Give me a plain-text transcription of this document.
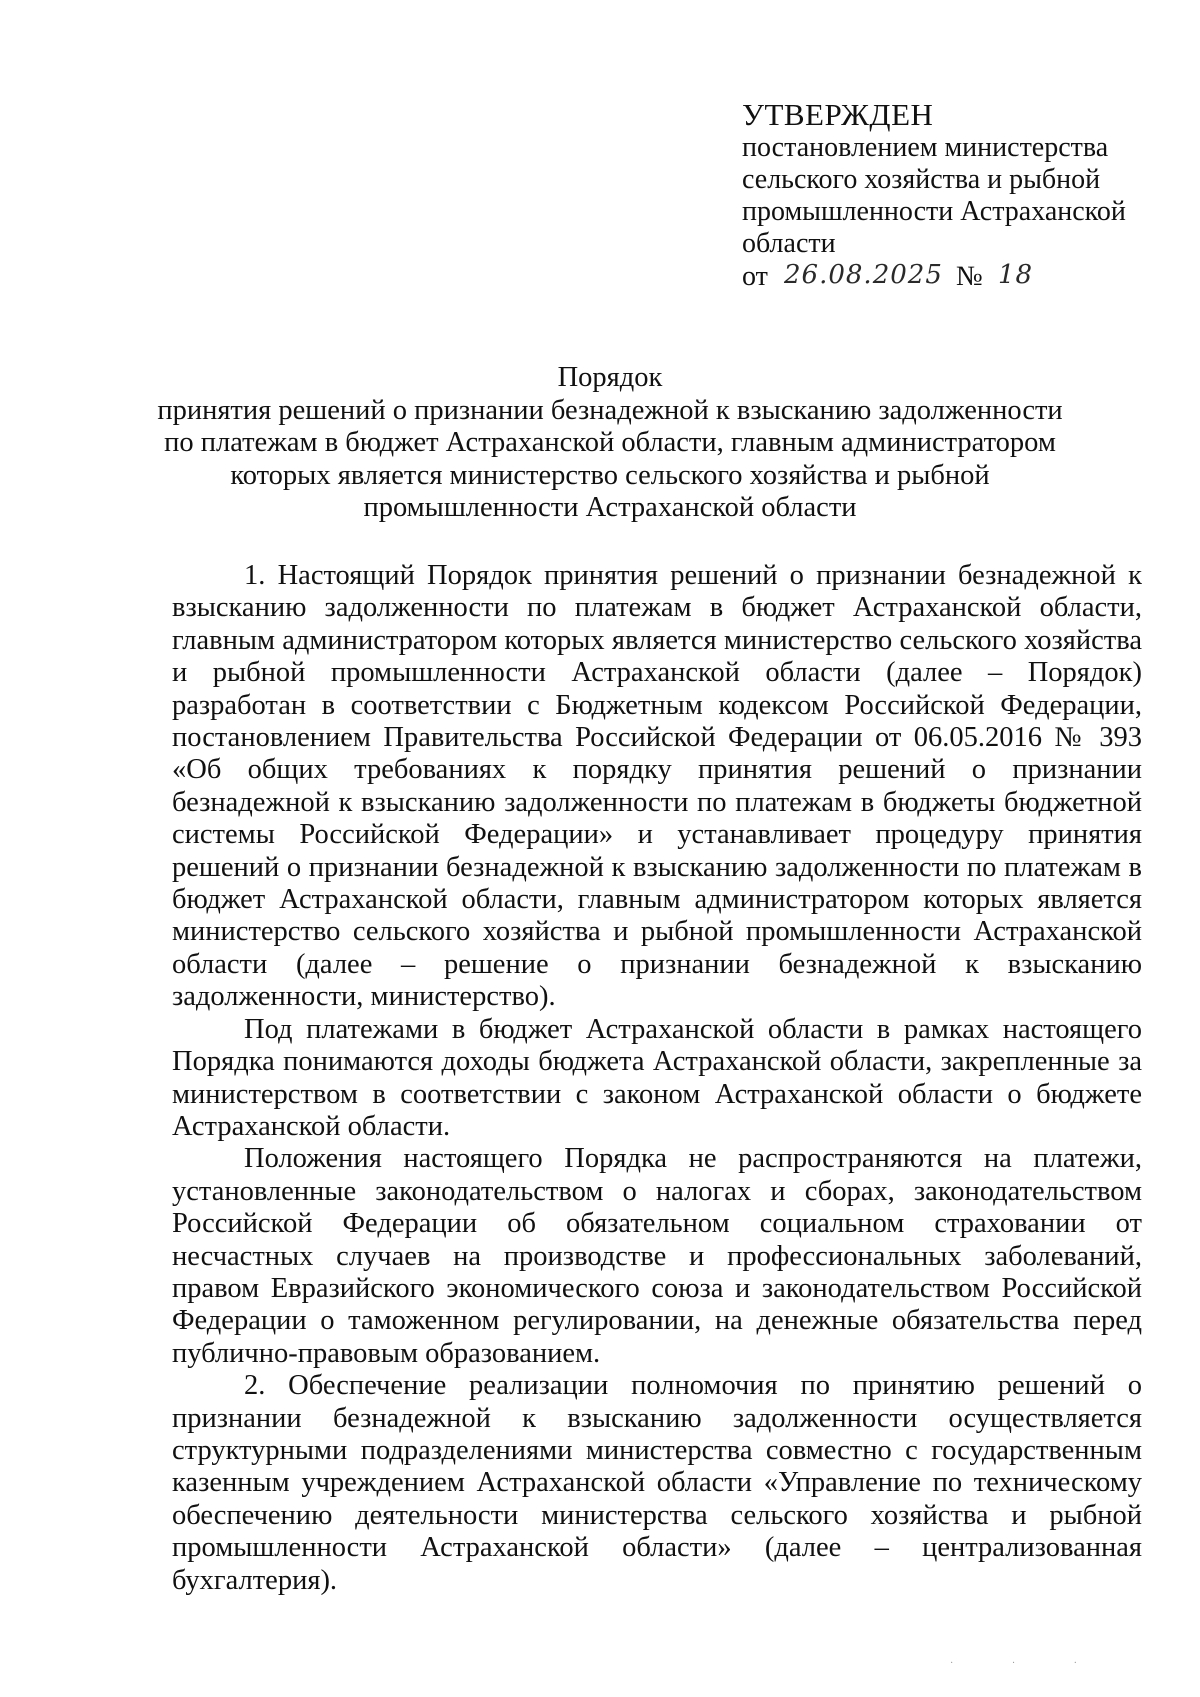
УТВЕРЖДЕН
постановлением министерства
сельского хозяйства и рыбной
промышленности Астраханской
области
от 26.08.2025 № 18
Порядок
принятия решений о признании безнадежной к взысканию задолженности
по платежам в бюджет Астраханской области, главным администратором
которых является министерство сельского хозяйства и рыбной
промышленности Астраханской области

1. Настоящий Порядок принятия решений о признании безнадежной к взысканию задолженности по платежам в бюджет Астраханской области, главным администратором которых является министерство сельского хозяйства и рыбной промышленности Астраханской области (далее – Порядок) разработан в соответствии с Бюджетным кодексом Российской Федерации, постановлением Правительства Российской Федерации от 06.05.2016 № 393 «Об общих требованиях к порядку принятия решений о признании безнадежной к взысканию задолженности по платежам в бюджеты бюджетной системы Российской Федерации» и устанавливает процедуру принятия решений о признании безнадежной к взысканию задолженности по платежам в бюджет Астраханской области, главным администратором которых является министерство сельского хозяйства и рыбной промышленности Астраханской области (далее – решение о признании безнадежной к взысканию задолженности, министерство).

Под платежами в бюджет Астраханской области в рамках настоящего Порядка понимаются доходы бюджета Астраханской области, закрепленные за министерством в соответствии с законом Астраханской области о бюджете Астраханской области.

Положения настоящего Порядка не распространяются на платежи, установленные законодательством о налогах и сборах, законодательством Российской Федерации об обязательном социальном страховании от несчастных случаев на производстве и профессиональных заболеваний, правом Евразийского экономического союза и законодательством Российской Федерации о таможенном регулировании, на денежные обязательства перед публично-правовым образованием.

2. Обеспечение реализации полномочия по принятию решений о признании безнадежной к взысканию задолженности осуществляется структурными подразделениями министерства совместно с государственным казенным учреждением Астраханской области «Управление по техническому обеспечению деятельности министерства сельского хозяйства и рыбной промышленности Астраханской области» (далее – централизованная бухгалтерия).

· · ·
